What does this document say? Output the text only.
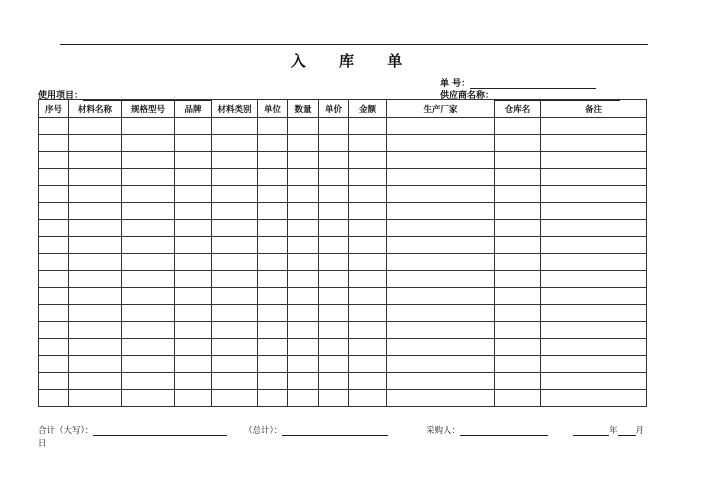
入 库 单
单 号：
使用项目：	供应商名称：
序号	材料名称	规格型号	品牌	材料类别	单位	数量	单价	金额	生产厂家	仓库名	备注

合计（大写）：	（总计）：	采购人：	年 月
日
